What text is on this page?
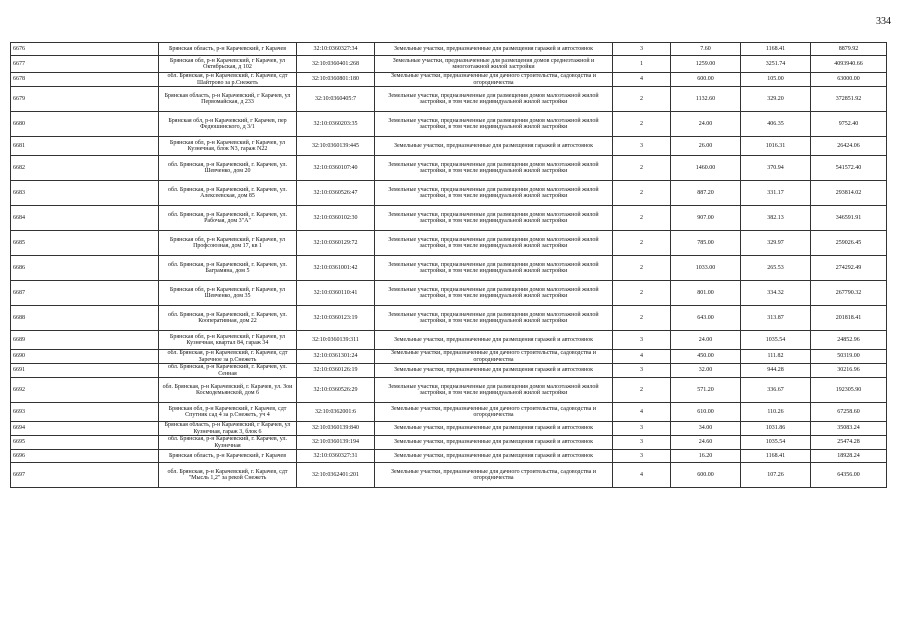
334
6676	Брянская область, р-н Карачевский, г Карачев	32:10:0360327:34	Земельные участки, предназначенные для размещения гаражей и автостоянок	3	7.60	1168.41	8879.92
6677	Брянская обл, р-н Карачевский, г Карачев, ул Октябрьская, д 102	32:10:0360401:268	Земельные участки, предназначенные для размещения домов среднеэтажной и многоэтажной жилой застройки	1	1259.00	3251.74	4093940.66
6678	обл. Брянская, р-н Карачевский, г. Карачев, сдт Шайтрово за р.Снежеть	32:10:0360801:180	Земельные участки, предназначенные для дачного строительства, садоводства и огородничества	4	600.00	105.00	63000.00
6679	Брянская область, р-н Карачевский, г Карачев, ул Первомайская, д 233	32:10:0360405:7	Земельные участки, предназначенные для размещения домов малоэтажной жилой застройки, в том числе индивидуальной жилой застройки	2	1132.60	329.20	372851.92
6680	Брянская обл, р-н Карачевский, г Карачев, пер Федюшинского, д 3/1	32:10:0360203:35	Земельные участки, предназначенные для размещения домов малоэтажной жилой застройки, в том числе индивидуальной жилой застройки	2	24.00	406.35	9752.40
6681	Брянская обл, р-н Карачевский, г Карачев, ул Кузнечная, блок N3, гараж N22	32:10:0360139:445	Земельные участки, предназначенные для размещения гаражей и автостоянок	3	26.00	1016.31	26424.06
6682	обл. Брянская, р-н Карачевский, г. Карачев, ул. Шевченко, дом 20	32:10:0360107:40	Земельные участки, предназначенные для размещения домов малоэтажной жилой застройки, в том числе индивидуальной жилой застройки	2	1460.00	370.94	541572.40
6683	обл. Брянская, р-н Карачевский, г. Карачев, ул. Алексеевская, дом 85	32:10:0360526:47	Земельные участки, предназначенные для размещения домов малоэтажной жилой застройки, в том числе индивидуальной жилой застройки	2	887.20	331.17	293814.02
6684	обл. Брянская, р-н Карачевский, г. Карачев, ул. Рабочая, дом 3"А"	32:10:0360102:30	Земельные участки, предназначенные для размещения домов малоэтажной жилой застройки, в том числе индивидуальной жилой застройки	2	907.00	382.13	346591.91
6685	Брянская обл, р-н Карачевский, г Карачев, ул Профсоюзная, дом 17, кв 1	32:10:0360129:72	Земельные участки, предназначенные для размещения домов малоэтажной жилой застройки, в том числе индивидуальной жилой застройки	2	785.00	329.97	259026.45
6686	обл. Брянская, р-н Карачевский, г. Карачев, ул. Баграмяна, дом 5	32:10:0361001:42	Земельные участки, предназначенные для размещения домов малоэтажной жилой застройки, в том числе индивидуальной жилой застройки	2	1033.00	265.53	274292.49
6687	Брянская обл, р-н Карачевский, г Карачев, ул Шевченко, дом 35	32:10:0360110:41	Земельные участки, предназначенные для размещения домов малоэтажной жилой застройки, в том числе индивидуальной жилой застройки	2	801.00	334.32	267790.32
6688	обл. Брянская, р-н Карачевский, г. Карачев, ул. Кооперативная, дом 22	32:10:0360123:19	Земельные участки, предназначенные для размещения домов малоэтажной жилой застройки, в том числе индивидуальной жилой застройки	2	643.00	313.87	201818.41
6689	Брянская обл, р-н Карачевский, г Карачев, ул Кузнечная, квартал 84, гараж 34	32:10:0360139:311	Земельные участки, предназначенные для размещения гаражей и автостоянок	3	24.00	1035.54	24852.96
6690	обл. Брянская, р-н Карачевский, г. Карачев, сдт Заречное за р.Снежеть	32:10:0361301:24	Земельные участки, предназначенные для дачного строительства, садоводства и огородничества	4	450.00	111.82	50319.00
6691	обл. Брянская, р-н Карачевский, г. Карачев, ул. Сенная	32:10:0360126:19	Земельные участки, предназначенные для размещения гаражей и автостоянок	3	32.00	944.28	30216.96
6692	обл. Брянская, р-н Карачевский, г. Карачев, ул. Зои Космодемьянской, дом 6	32:10:0360526:29	Земельные участки, предназначенные для размещения домов малоэтажной жилой застройки, в том числе индивидуальной жилой застройки	2	571.20	336.67	192305.90
6693	Брянская обл, р-н Карачевский, г Карачев, сдт Спутник сад 4 за р.Снежеть, уч 4	32:10:0362001:6	Земельные участки, предназначенные для дачного строительства, садоводства и огородничества	4	610.00	110.26	67258.60
6694	Брянская область, р-н Карачевский, г Карачев, ул Кузнечная, гараж 3, блок 6	32:10:0360139:840	Земельные участки, предназначенные для размещения гаражей и автостоянок	3	34.00	1031.86	35083.24
6695	обл. Брянская, р-н Карачевский, г. Карачев, ул. Кузнечная	32:10:0360139:194	Земельные участки, предназначенные для размещения гаражей и автостоянок	3	24.60	1035.54	25474.28
6696	Брянская область, р-н Карачевский, г Карачев	32:10:0360327:31	Земельные участки, предназначенные для размещения гаражей и автостоянок	3	16.20	1168.41	18928.24
6697	обл. Брянская, р-н Карачевский, г. Карачев, сдт "Мысль 1,2" за рекой Снежеть	32:10:0362401:201	Земельные участки, предназначенные для дачного строительства, садоводства и огородничества	4	600.00	107.26	64356.00
